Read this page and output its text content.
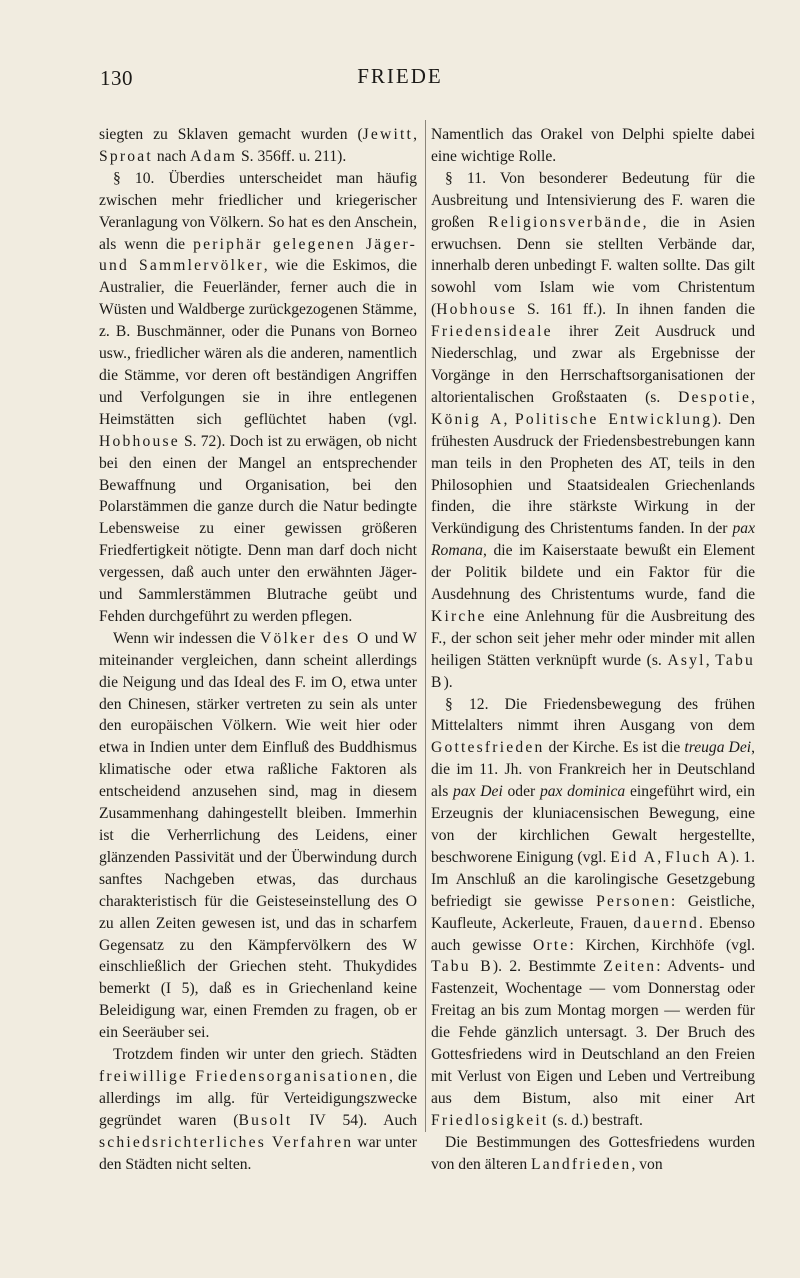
130	FRIEDE

siegten zu Sklaven gemacht wurden (Jewitt, Sproat nach Adam S. 356ff. u. 211).

§ 10. Überdies unterscheidet man häufig zwischen mehr friedlicher und kriegerischer Veranlagung von Völkern. So hat es den Anschein, als wenn die periphär gelegenen Jäger- und Sammlervölker, wie die Eskimos, die Australier, die Feuerländer, ferner auch die in Wüsten und Waldberge zurückgezogenen Stämme, z. B. Buschmänner, oder die Punans von Borneo usw., friedlicher wären als die anderen, namentlich die Stämme, vor deren oft beständigen Angriffen und Verfolgungen sie in ihre entlegenen Heimstätten sich geflüchtet haben (vgl. Hobhouse S. 72). Doch ist zu erwägen, ob nicht bei den einen der Mangel an entsprechender Bewaffnung und Organisation, bei den Polarstämmen die ganze durch die Natur bedingte Lebensweise zu einer gewissen größeren Friedfertigkeit nötigte. Denn man darf doch nicht vergessen, daß auch unter den erwähnten Jäger- und Sammlerstämmen Blutrache geübt und Fehden durchgeführt zu werden pflegen.

Wenn wir indessen die Völker des O und W miteinander vergleichen, dann scheint allerdings die Neigung und das Ideal des F. im O, etwa unter den Chinesen, stärker vertreten zu sein als unter den europäischen Völkern. Wie weit hier oder etwa in Indien unter dem Einfluß des Buddhismus klimatische oder etwa raßliche Faktoren als entscheidend anzusehen sind, mag in diesem Zusammenhang dahingestellt bleiben. Immerhin ist die Verherrlichung des Leidens, einer glänzenden Passivität und der Überwindung durch sanftes Nachgeben etwas, das durchaus charakteristisch für die Geisteseinstellung des O zu allen Zeiten gewesen ist, und das in scharfem Gegensatz zu den Kämpfervölkern des W einschließlich der Griechen steht. Thukydides bemerkt (I 5), daß es in Griechenland keine Beleidigung war, einen Fremden zu fragen, ob er ein Seeräuber sei.

Trotzdem finden wir unter den griech. Städten freiwillige Friedensorganisationen, die allerdings im allg. für Verteidigungszwecke gegründet waren (Busolt IV 54). Auch schiedsrichterliches Verfahren war unter den Städten nicht selten.

Namentlich das Orakel von Delphi spielte dabei eine wichtige Rolle.

§ 11. Von besonderer Bedeutung für die Ausbreitung und Intensivierung des F. waren die großen Religionsverbände, die in Asien erwuchsen. Denn sie stellten Verbände dar, innerhalb deren unbedingt F. walten sollte. Das gilt sowohl vom Islam wie vom Christentum (Hobhouse S. 161 ff.). In ihnen fanden die Friedensideale ihrer Zeit Ausdruck und Niederschlag, und zwar als Ergebnisse der Vorgänge in den Herrschaftsorganisationen der altorientalischen Großstaaten (s. Despotie, König A, Politische Entwicklung). Den frühesten Ausdruck der Friedensbestrebungen kann man teils in den Propheten des AT, teils in den Philosophien und Staatsidealen Griechenlands finden, die ihre stärkste Wirkung in der Verkündigung des Christentums fanden. In der pax Romana, die im Kaiserstaate bewußt ein Element der Politik bildete und ein Faktor für die Ausdehnung des Christentums wurde, fand die Kirche eine Anlehnung für die Ausbreitung des F., der schon seit jeher mehr oder minder mit allen heiligen Stätten verknüpft wurde (s. Asyl, Tabu B).

§ 12. Die Friedensbewegung des frühen Mittelalters nimmt ihren Ausgang von dem Gottesfrieden der Kirche. Es ist die treuga Dei, die im 11. Jh. von Frankreich her in Deutschland als pax Dei oder pax dominica eingeführt wird, ein Erzeugnis der kluniacensischen Bewegung, eine von der kirchlichen Gewalt hergestellte, beschworene Einigung (vgl. Eid A, Fluch A). 1. Im Anschluß an die karolingische Gesetzgebung befriedigt sie gewisse Personen: Geistliche, Kaufleute, Ackerleute, Frauen, dauernd. Ebenso auch gewisse Orte: Kirchen, Kirchhöfe (vgl. Tabu B). 2. Bestimmte Zeiten: Advents- und Fastenzeit, Wochentage — vom Donnerstag oder Freitag an bis zum Montag morgen — werden für die Fehde gänzlich untersagt. 3. Der Bruch des Gottesfriedens wird in Deutschland an den Freien mit Verlust von Eigen und Leben und Vertreibung aus dem Bistum, also mit einer Art Friedlosigkeit (s. d.) bestraft.

Die Bestimmungen des Gottesfriedens wurden von den älteren Landfrieden, von
